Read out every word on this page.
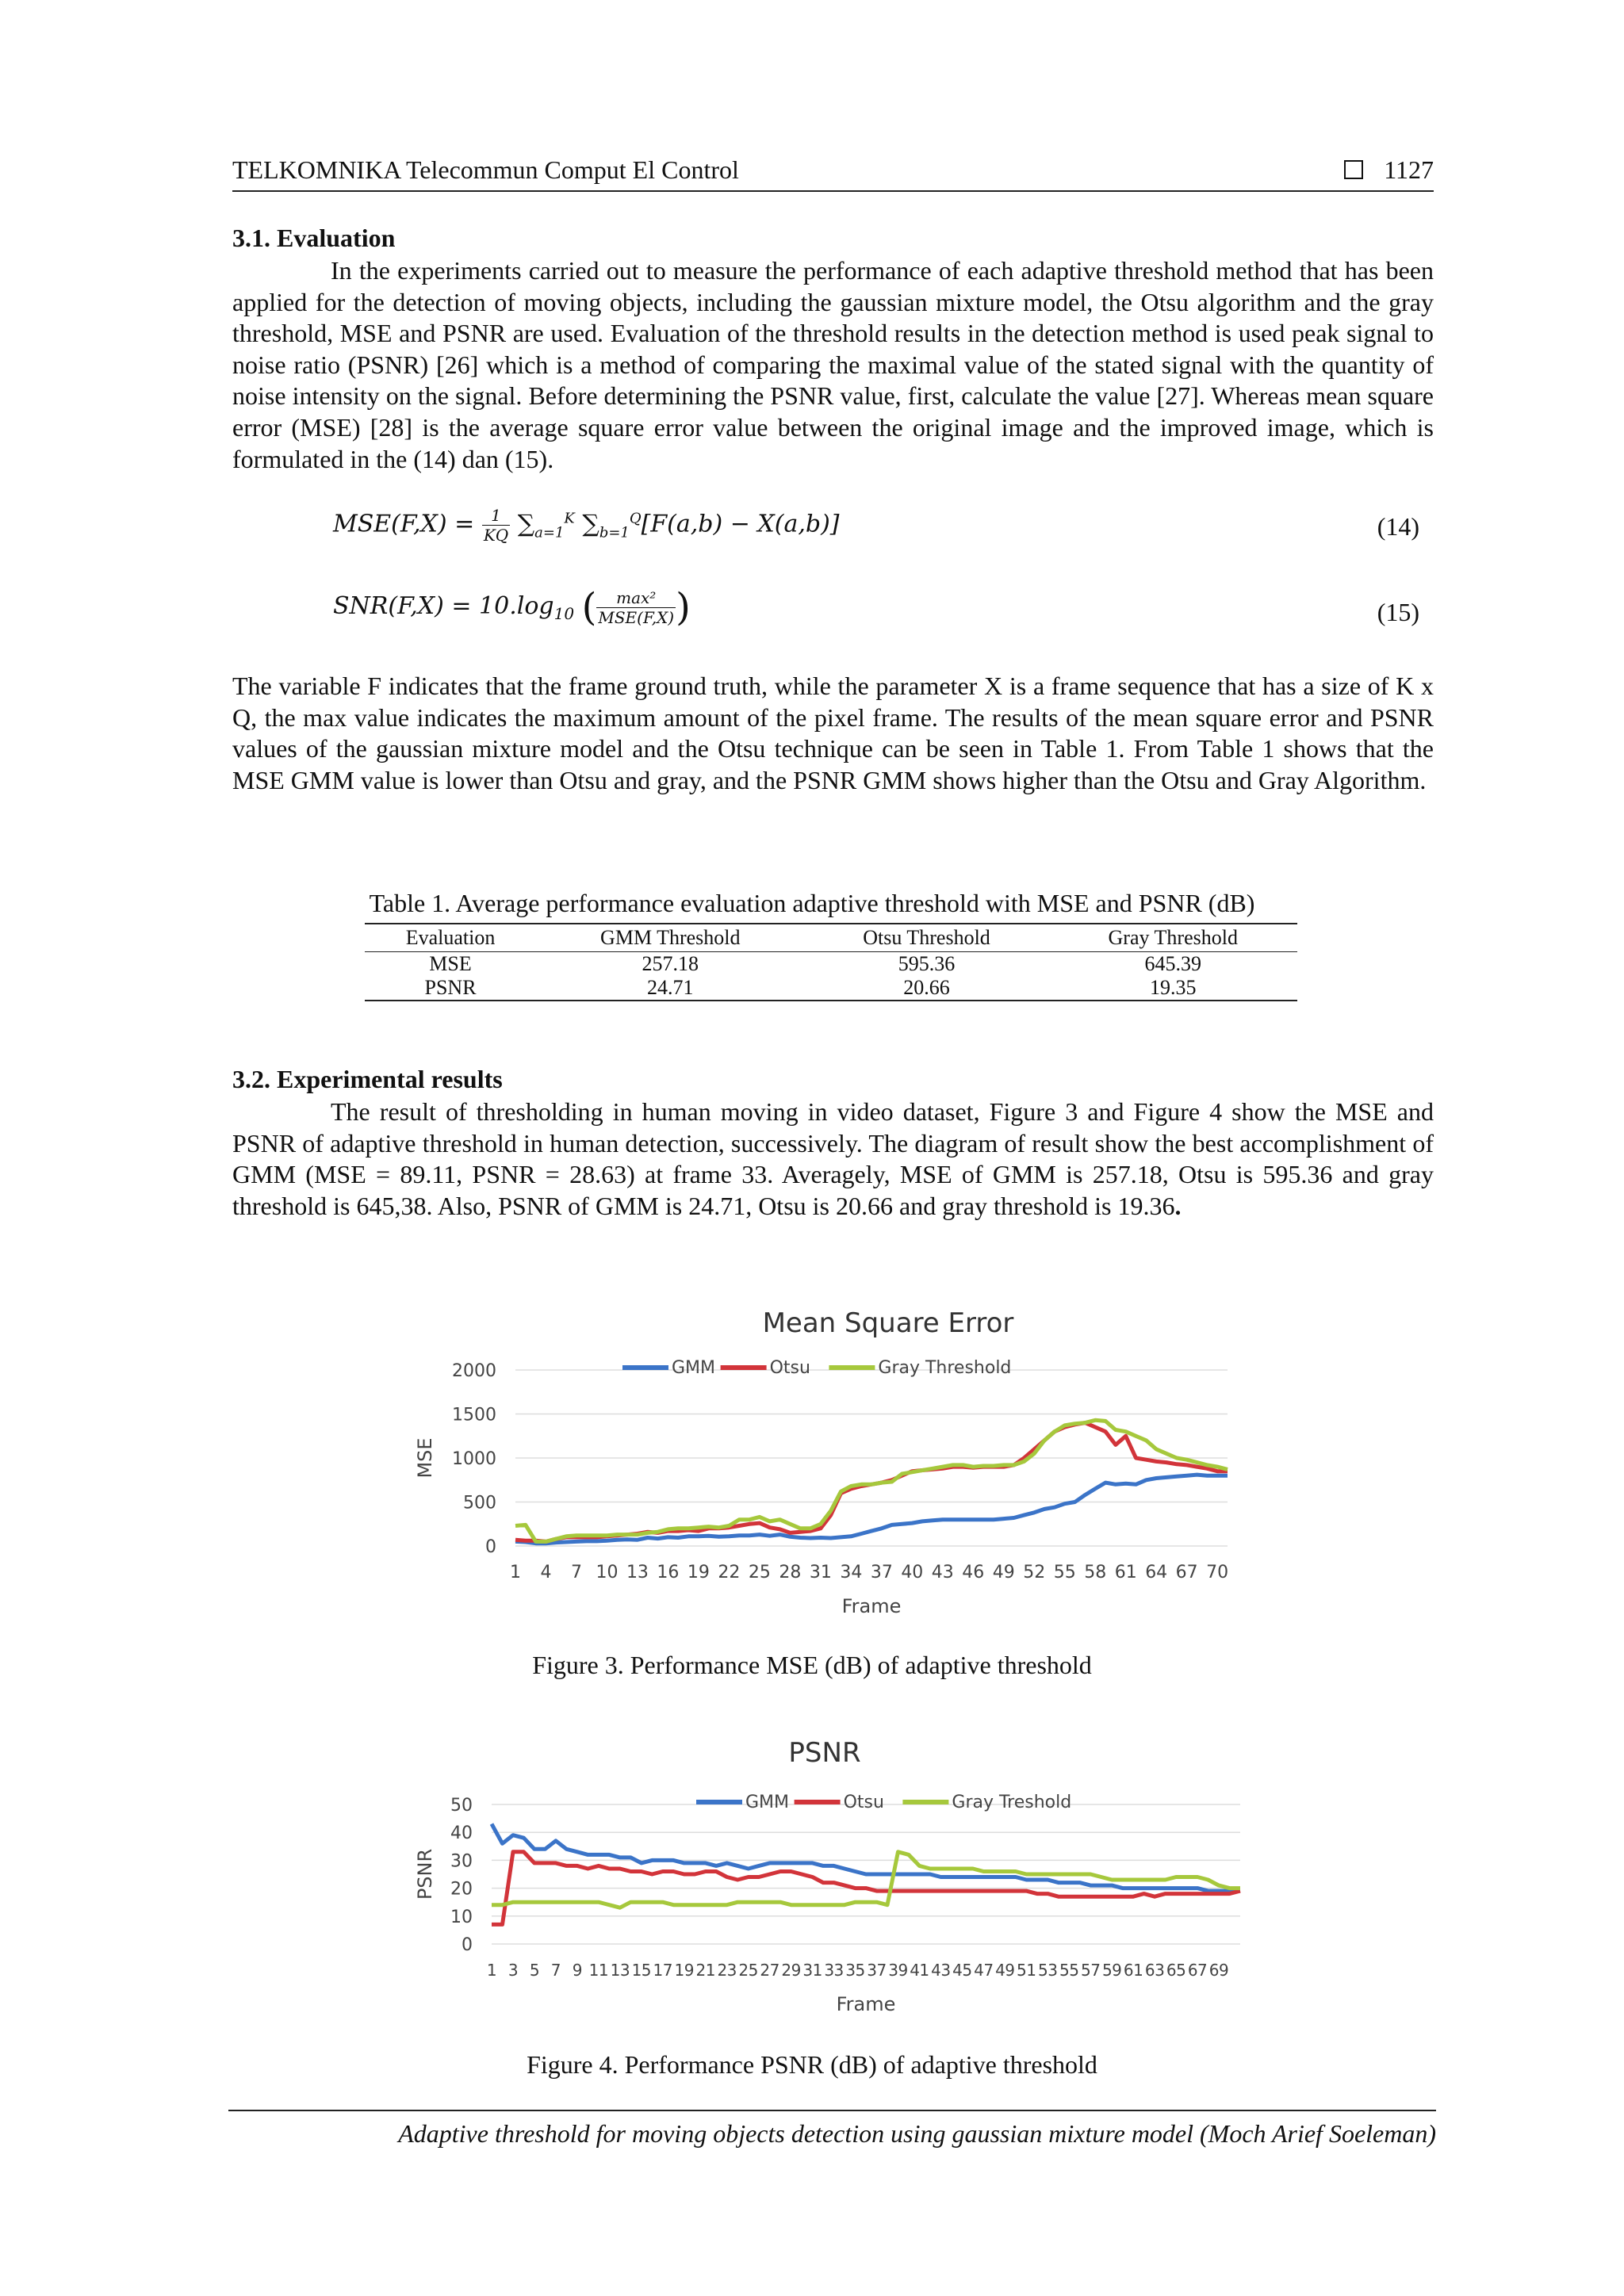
TELKOMNIKA Telecommun Comput El Control	1127
3.1. Evaluation

In the experiments carried out to measure the performance of each adaptive threshold method that has been applied for the detection of moving objects, including the gaussian mixture model, the Otsu algorithm and the gray threshold, MSE and PSNR are used. Evaluation of the threshold results in the detection method is used peak signal to noise ratio (PSNR) [26] which is a method of comparing the maximal value of the stated signal with the quantity of noise intensity on the signal. Before determining the PSNR value, first, calculate the value [27]. Whereas mean square error (MSE) [28] is the average square error value between the original image and the improved image, which is formulated in the (14) dan (15).

$MSE(F,X) = \frac{1}{KQ} \sum_{a=1}^K$ $\sum_{b=1}^Q[F(a,b) - X(a,b)]$	(14)
$SNR(F,X) = 10.\log_{10}$ ( $\frac{\text{max²}}{\text{MSE(F,X)}}$ )	(15)

The variable F indicates that the frame ground truth, while the parameter X is a frame sequence that has a size of K x Q, the max value indicates the maximum amount of the pixel frame. The results of the mean square error and PSNR values of the gaussian mixture model and the Otsu technique can be seen in Table 1. From Table 1 shows that the MSE GMM value is lower than Otsu and gray, and the PSNR GMM shows higher than the Otsu and Gray Algorithm.

Table 1. Average performance evaluation adaptive threshold with MSE and PSNR (dB)
Evaluation	GMM Threshold	Otsu Threshold	Gray Threshold
MSE	257.18	595.36	645.39
PSNR	24.71	20.66	19.35
3.2. Experimental results

The result of thresholding in human moving in video dataset, Figure 3 and Figure 4 show the MSE and PSNR of adaptive threshold in human detection, successively. The diagram of result show the best accomplishment of GMM (MSE = 89.11, PSNR = 28.63) at frame 33. Averagely, MSE of GMM is 257.18, Otsu is 595.36 and gray threshold is 645,38. Also, PSNR of GMM is 24.71, Otsu is 20.66 and gray threshold is 19.36.

Mean Square Error
0
500
1000
1500
2000
MSE
1 4 7 10 13 16 19 22 25 28 31 34 37 40 43 46 49 52 55 58 61 64 67 70
Frame
GMM	Otsu	Gray Threshold
Figure 3. Performance MSE (dB) of adaptive threshold
PSNR
0
10
20
30
40
50
PSNR
1 3 5 7 9 11 13 15 17 19 21 23 25 27 29 31 33 35 37 39 41 43 45 47 49 51 53 55 57 59 61 63 65 67 69
Frame
GMM	Otsu	Gray Treshold
Figure 4. Performance PSNR (dB) of adaptive threshold
Adaptive threshold for moving objects detection using gaussian mixture model (Moch Arief Soeleman)
